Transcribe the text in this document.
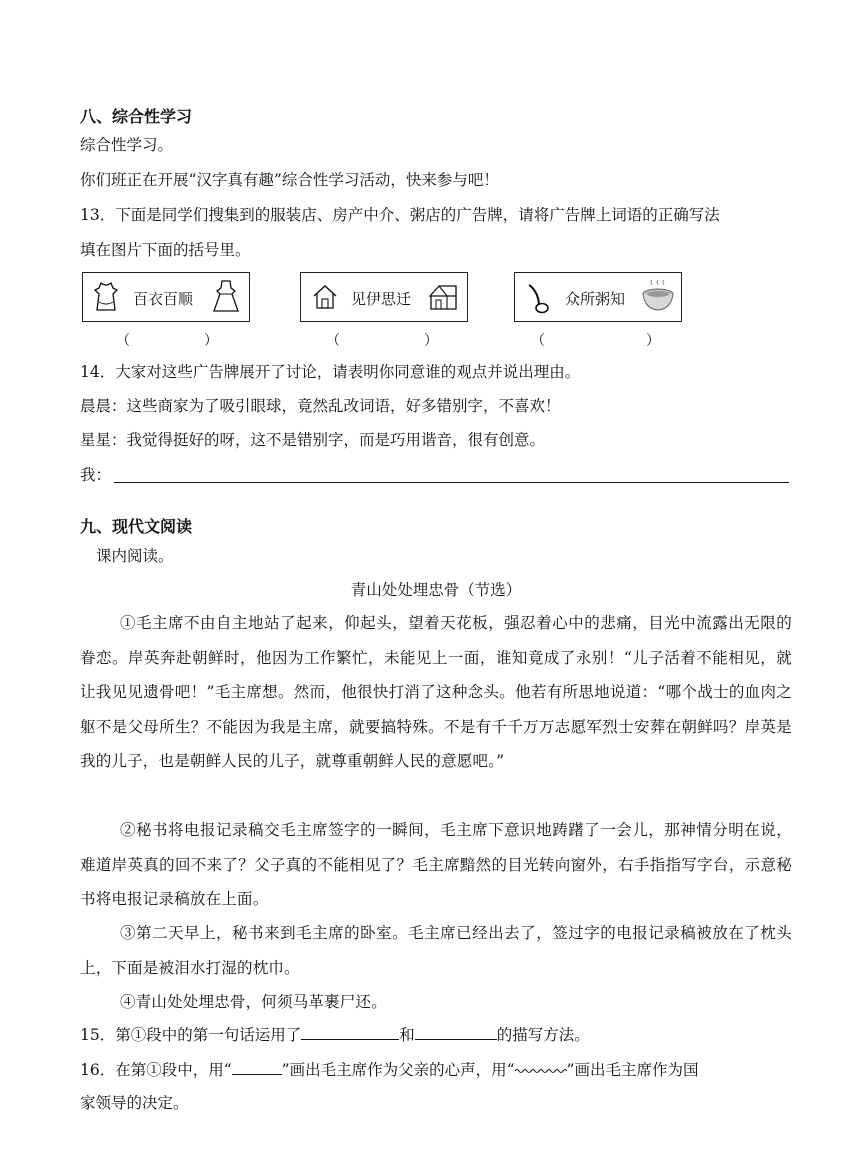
八、综合性学习
综合性学习。
你们班正在开展“汉字真有趣”综合性学习活动，快来参与吧！
13．下面是同学们搜集到的服装店、房产中介、粥店的广告牌，请将广告牌上词语的正确写法
填在图片下面的括号里。
百衣百顺	见伊思迁	众所粥知
（	）	（	）	（	）
14．大家对这些广告牌展开了讨论，请表明你同意谁的观点并说出理由。
晨晨：这些商家为了吸引眼球，竟然乱改词语，好多错别字，不喜欢！
星星：我觉得挺好的呀，这不是错别字，而是巧用谐音，很有创意。
我：
九、现代文阅读
课内阅读。
青山处处埋忠骨（节选）
①毛主席不由自主地站了起来，仰起头，望着天花板，强忍着心中的悲痛，目光中流露出无限的眷恋。岸英奔赴朝鲜时，他因为工作繁忙，未能见上一面，谁知竟成了永别！“儿子活着不能相见，就让我见见遗骨吧！”毛主席想。然而，他很快打消了这种念头。他若有所思地说道：“哪个战士的血肉之躯不是父母所生？不能因为我是主席，就要搞特殊。不是有千千万万志愿军烈士安葬在朝鲜吗？岸英是我的儿子，也是朝鲜人民的儿子，就尊重朝鲜人民的意愿吧。”
②秘书将电报记录稿交毛主席签字的一瞬间，毛主席下意识地踌躇了一会儿，那神情分明在说，难道岸英真的回不来了？父子真的不能相见了？毛主席黯然的目光转向窗外，右手指指写字台，示意秘书将电报记录稿放在上面。
③第二天早上，秘书来到毛主席的卧室。毛主席已经出去了，签过字的电报记录稿被放在了枕头上，下面是被泪水打湿的枕巾。
④青山处处埋忠骨，何须马革裹尸还。
15．第①段中的第一句话运用了	和	的描写方法。
16．在第①段中，用“	”画出毛主席作为父亲的心声，用“	”画出毛主席作为国
家领导的决定。
